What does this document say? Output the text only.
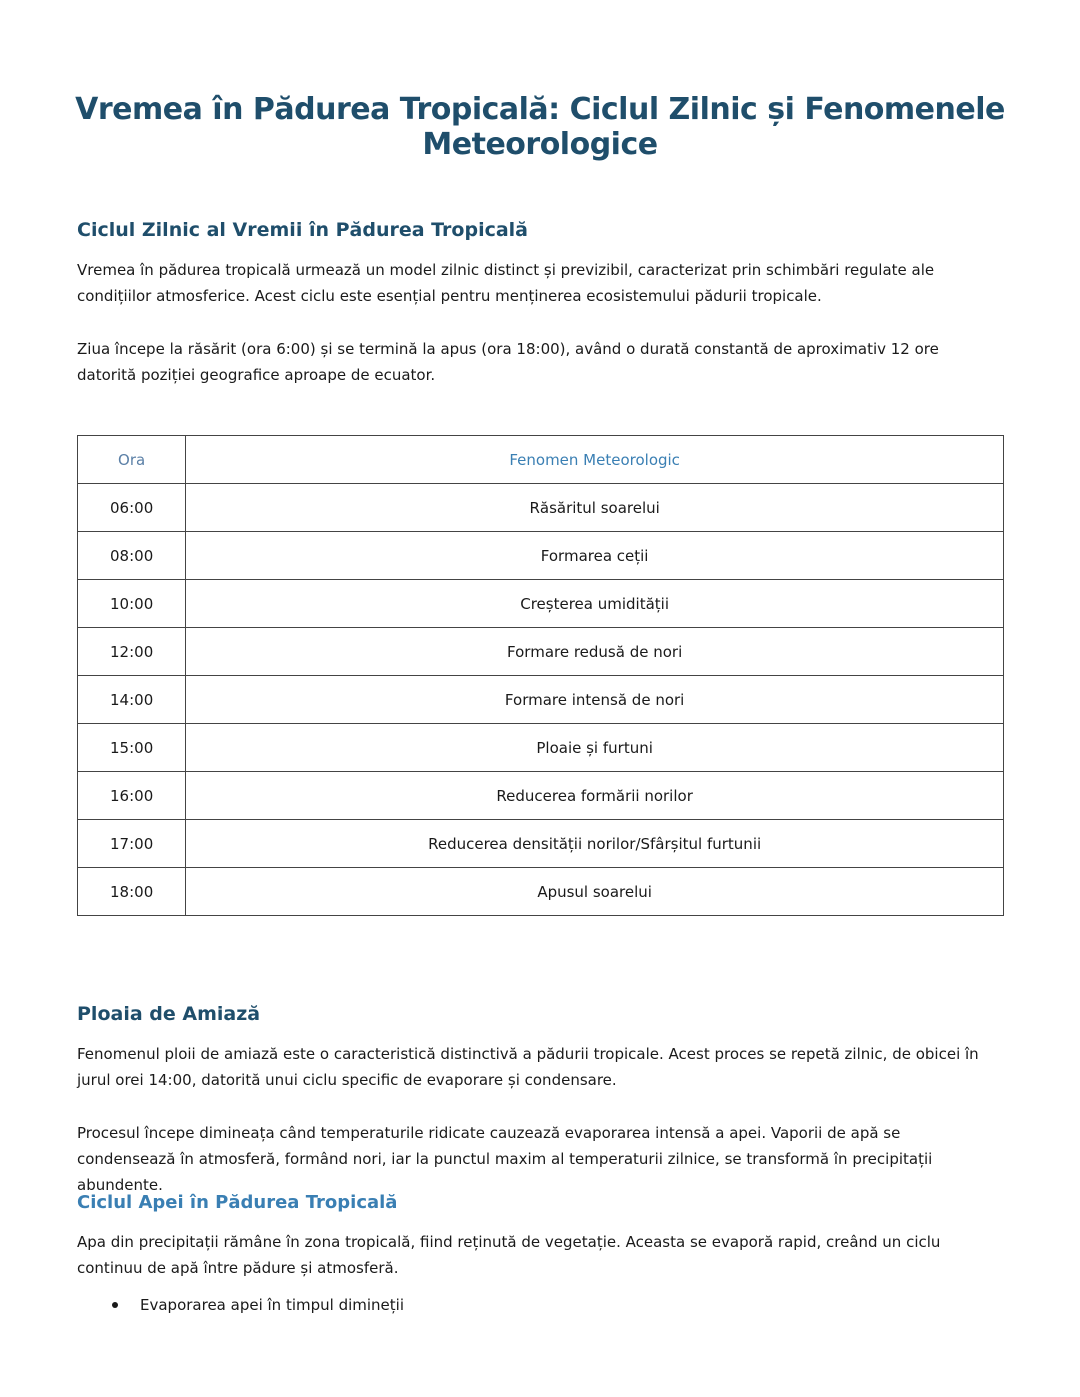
Vremea în Pădurea Tropicală: Ciclul Zilnic și Fenomenele Meteorologice
Ciclul Zilnic al Vremii în Pădurea Tropicală

Vremea în pădurea tropicală urmează un model zilnic distinct și previzibil, caracterizat prin schimbări regulate ale condițiilor atmosferice. Acest ciclu este esențial pentru menținerea ecosistemului pădurii tropicale.

Ziua începe la răsărit (ora 6:00) și se termină la apus (ora 18:00), având o durată constantă de aproximativ 12 ore datorită poziției geografice aproape de ecuator.

Ora	Fenomen Meteorologic
06:00	Răsăritul soarelui
08:00	Formarea ceții
10:00	Creșterea umidității
12:00	Formare redusă de nori
14:00	Formare intensă de nori
15:00	Ploaie și furtuni
16:00	Reducerea formării norilor
17:00	Reducerea densității norilor/Sfârșitul furtunii
18:00	Apusul soarelui
Ploaia de Amiază

Fenomenul ploii de amiază este o caracteristică distinctivă a pădurii tropicale. Acest proces se repetă zilnic, de obicei în jurul orei 14:00, datorită unui ciclu specific de evaporare și condensare.

Procesul începe dimineața când temperaturile ridicate cauzează evaporarea intensă a apei. Vaporii de apă se condensează în atmosferă, formând nori, iar la punctul maxim al temperaturii zilnice, se transformă în precipitații abundente.

Ciclul Apei în Pădurea Tropicală

Apa din precipitații rămâne în zona tropicală, fiind reținută de vegetație. Aceasta se evaporă rapid, creând un ciclu continuu de apă între pădure și atmosferă.

Evaporarea apei în timpul dimineții
